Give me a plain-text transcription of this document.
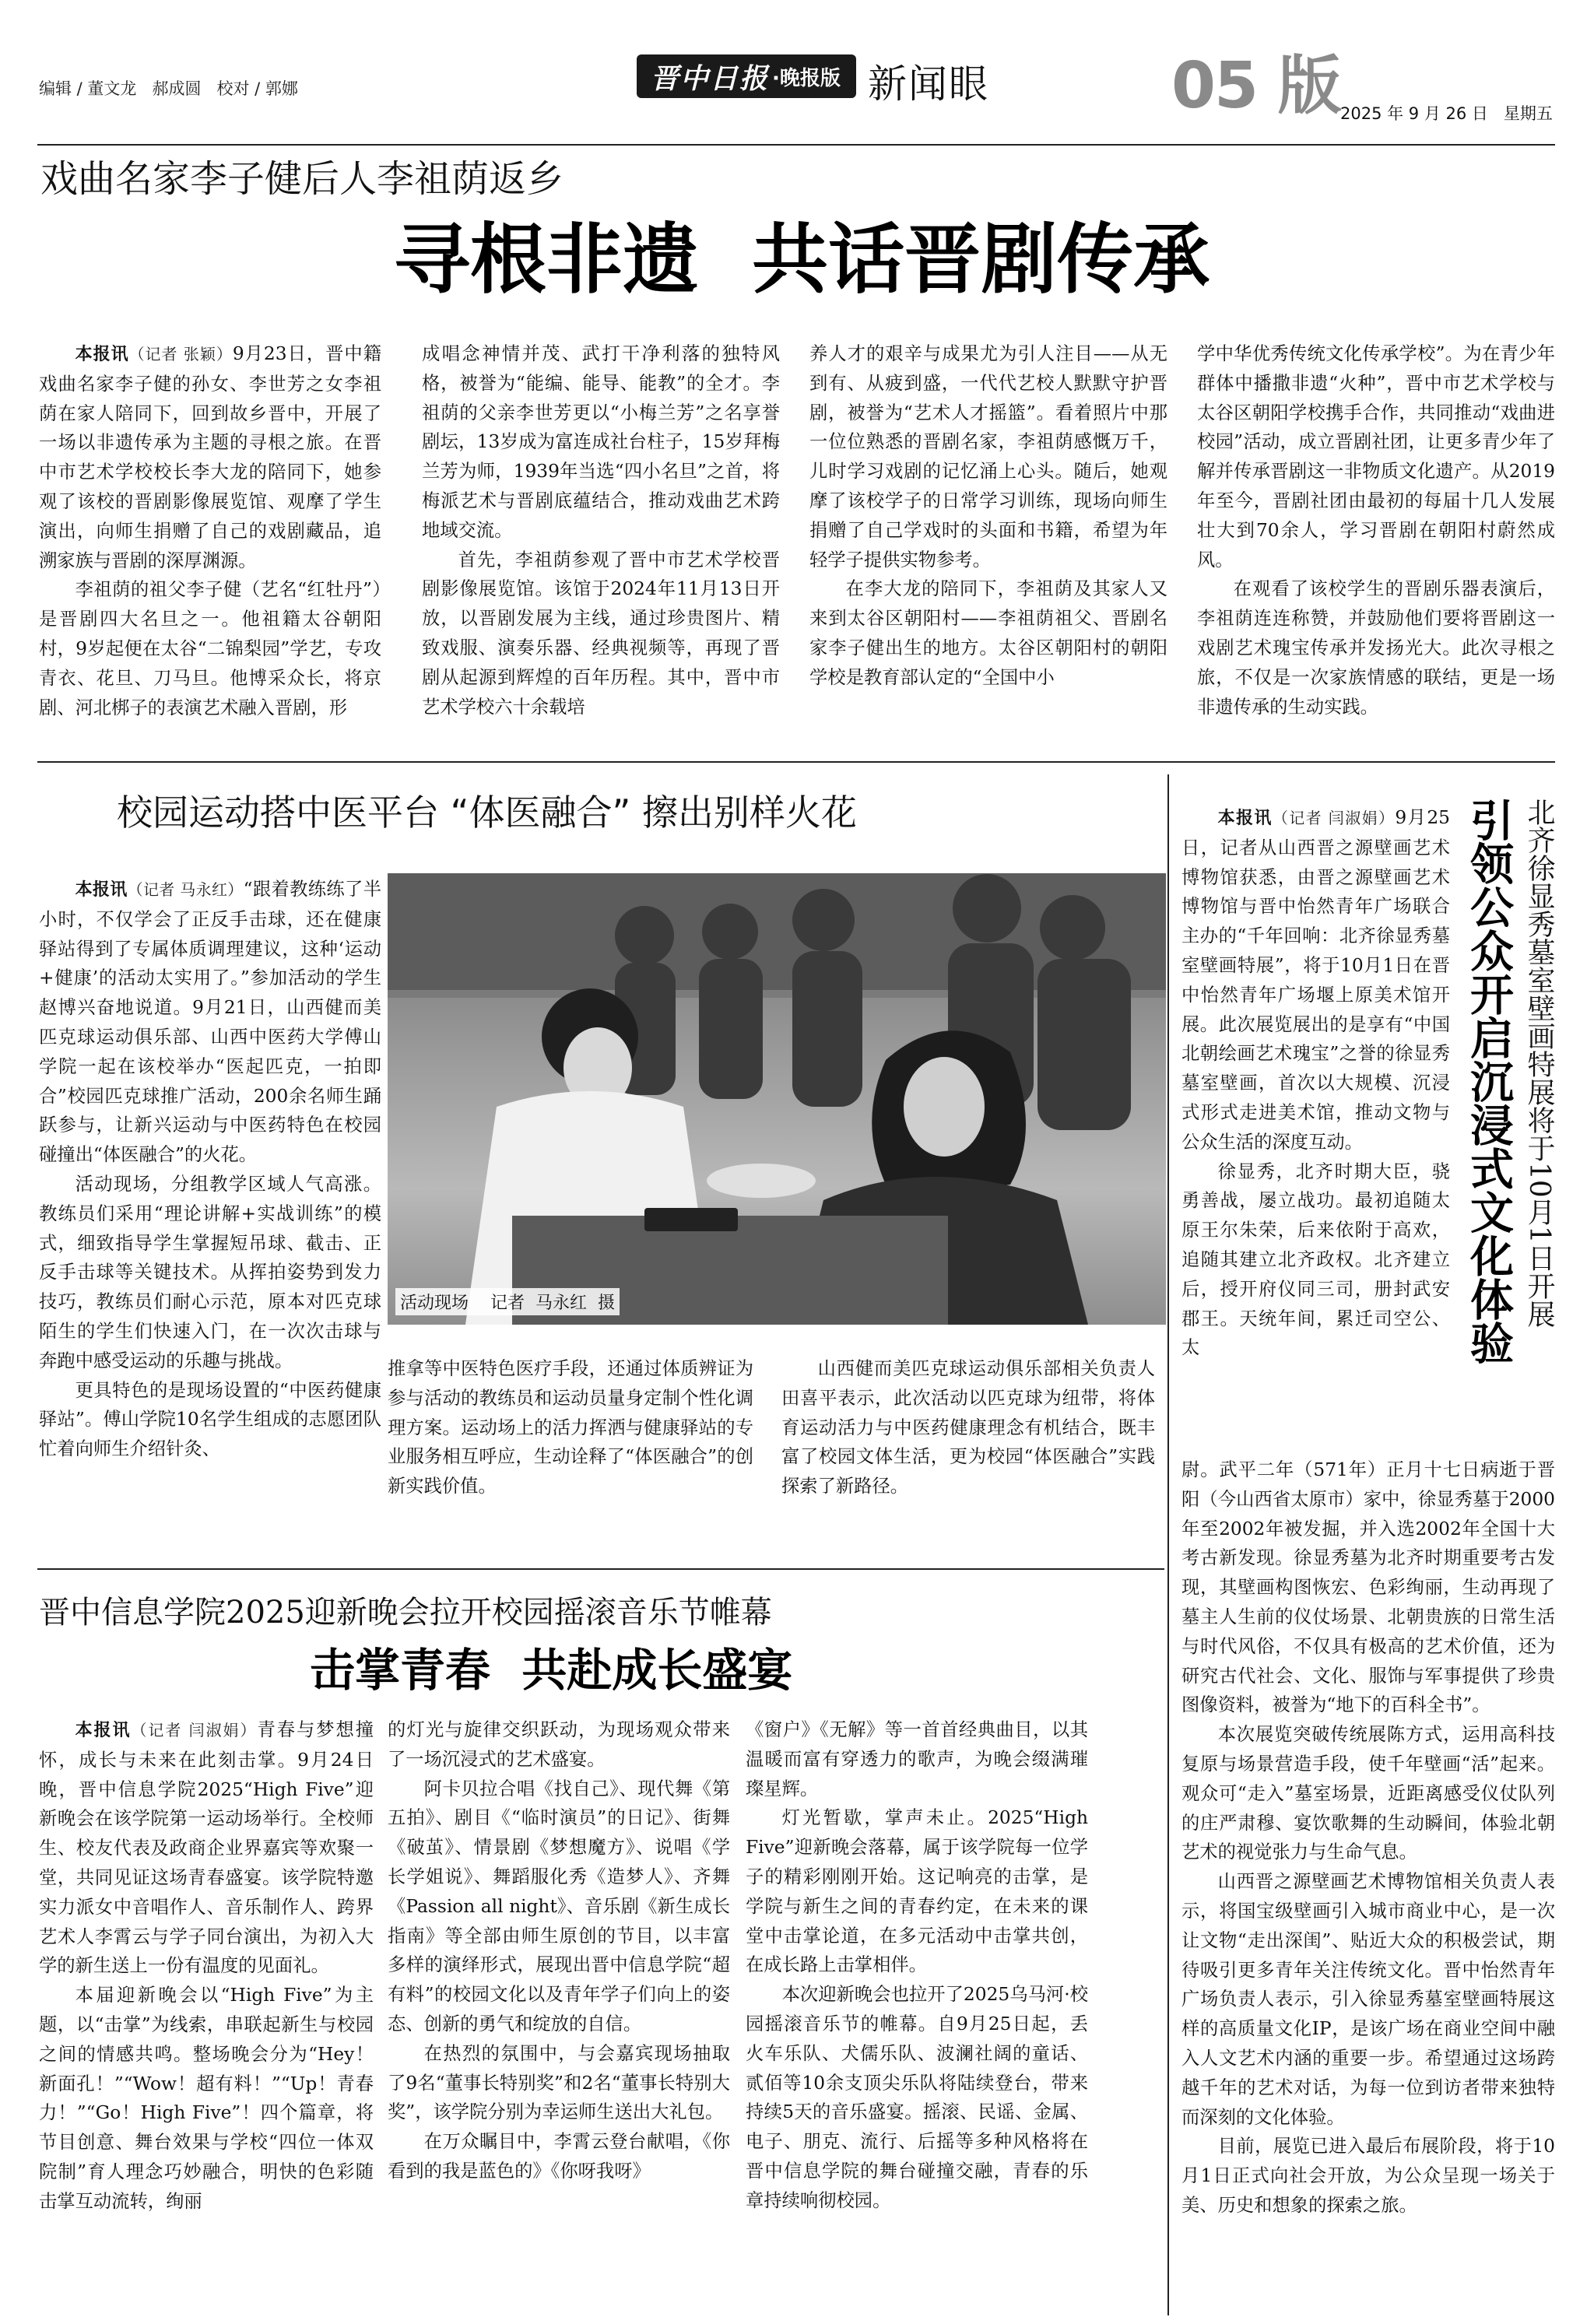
编辑 / 董文龙   郝成圆   校对 / 郭娜	晋中日报 ·晚报版 新闻眼	05 版 2025 年 9 月 26 日   星期五
戏曲名家李子健后人李祖荫返乡
寻根非遗  共话晋剧传承

本报讯（记者 张颖）9月23日，晋中籍戏曲名家李子健的孙女、李世芳之女李祖荫在家人陪同下，回到故乡晋中，开展了一场以非遗传承为主题的寻根之旅。在晋中市艺术学校校长李大龙的陪同下，她参观了该校的晋剧影像展览馆、观摩了学生演出，向师生捐赠了自己的戏剧藏品，追溯家族与晋剧的深厚渊源。

李祖荫的祖父李子健（艺名“红牡丹”）是晋剧四大名旦之一。他祖籍太谷朝阳村，9岁起便在太谷“二锦梨园”学艺，专攻青衣、花旦、刀马旦。他博采众长，将京剧、河北梆子的表演艺术融入晋剧，形

成唱念神情并茂、武打干净利落的独特风格，被誉为“能编、能导、能教”的全才。李祖荫的父亲李世芳更以“小梅兰芳”之名享誉剧坛，13岁成为富连成社台柱子，15岁拜梅兰芳为师，1939年当选“四小名旦”之首，将梅派艺术与晋剧底蕴结合，推动戏曲艺术跨地域交流。

首先，李祖荫参观了晋中市艺术学校晋剧影像展览馆。该馆于2024年11月13日开放，以晋剧发展为主线，通过珍贵图片、精致戏服、演奏乐器、经典视频等，再现了晋剧从起源到辉煌的百年历程。其中，晋中市艺术学校六十余载培

养人才的艰辛与成果尤为引人注目——从无到有、从疲到盛，一代代艺校人默默守护晋剧，被誉为“艺术人才摇篮”。看着照片中那一位位熟悉的晋剧名家，李祖荫感慨万千，儿时学习戏剧的记忆涌上心头。随后，她观摩了该校学子的日常学习训练，现场向师生捐赠了自己学戏时的头面和书籍，希望为年轻学子提供实物参考。

在李大龙的陪同下，李祖荫及其家人又来到太谷区朝阳村——李祖荫祖父、晋剧名家李子健出生的地方。太谷区朝阳村的朝阳学校是教育部认定的“全国中小

学中华优秀传统文化传承学校”。为在青少年群体中播撒非遗“火种”，晋中市艺术学校与太谷区朝阳学校携手合作，共同推动“戏曲进校园”活动，成立晋剧社团，让更多青少年了解并传承晋剧这一非物质文化遗产。从2019年至今，晋剧社团由最初的每届十几人发展壮大到70余人，学习晋剧在朝阳村蔚然成风。

在观看了该校学生的晋剧乐器表演后，李祖荫连连称赞，并鼓励他们要将晋剧这一戏剧艺术瑰宝传承并发扬光大。此次寻根之旅，不仅是一次家族情感的联结，更是一场非遗传承的生动实践。

校园运动搭中医平台 “体医融合” 擦出别样火花

本报讯（记者 马永红）“跟着教练练了半小时，不仅学会了正反手击球，还在健康驿站得到了专属体质调理建议，这种‘运动+健康’的活动太实用了。”参加活动的学生赵博兴奋地说道。9月21日，山西健而美匹克球运动俱乐部、山西中医药大学傅山学院一起在该校举办“医起匹克，一拍即合”校园匹克球推广活动，200余名师生踊跃参与，让新兴运动与中医药特色在校园碰撞出“体医融合”的火花。

活动现场，分组教学区域人气高涨。教练员们采用“理论讲解+实战训练”的模式，细致指导学生掌握短吊球、截击、正反手击球等关键技术。从挥拍姿势到发力技巧，教练员们耐心示范，原本对匹克球陌生的学生们快速入门，在一次次击球与奔跑中感受运动的乐趣与挑战。

更具特色的是现场设置的“中医药健康驿站”。傅山学院10名学生组成的志愿团队忙着向师生介绍针灸、

活动现场    记者  马永红  摄

推拿等中医特色医疗手段，还通过体质辨证为参与活动的教练员和运动员量身定制个性化调理方案。运动场上的活力挥洒与健康驿站的专业服务相互呼应，生动诠释了“体医融合”的创新实践价值。

山西健而美匹克球运动俱乐部相关负责人田喜平表示，此次活动以匹克球为纽带，将体育运动活力与中医药健康理念有机结合，既丰富了校园文体生活，更为校园“体医融合”实践探索了新路径。

晋中信息学院2025迎新晚会拉开校园摇滚音乐节帷幕
击掌青春  共赴成长盛宴

本报讯（记者 闫淑娟）青春与梦想撞怀，成长与未来在此刻击掌。9月24日晚，晋中信息学院2025“High Five”迎新晚会在该学院第一运动场举行。全校师生、校友代表及政商企业界嘉宾等欢聚一堂，共同见证这场青春盛宴。该学院特邀实力派女中音唱作人、音乐制作人、跨界艺术人李霄云与学子同台演出，为初入大学的新生送上一份有温度的见面礼。

本届迎新晚会以“High Five”为主题，以“击掌”为线索，串联起新生与校园之间的情感共鸣。整场晚会分为“Hey！新面孔！”“Wow！超有料！”“Up！青春力！”“Go！High Five”！四个篇章，将节目创意、舞台效果与学校“四位一体双院制”育人理念巧妙融合，明快的色彩随击掌互动流转，绚丽

的灯光与旋律交织跃动，为现场观众带来了一场沉浸式的艺术盛宴。

阿卡贝拉合唱《找自己》、现代舞《第五拍》、剧目《“临时演员”的日记》、街舞《破茧》、情景剧《梦想魔方》、说唱《学长学姐说》、舞蹈服化秀《造梦人》、齐舞《Passion all night》、音乐剧《新生成长指南》等全部由师生原创的节目，以丰富多样的演绎形式，展现出晋中信息学院“超有料”的校园文化以及青年学子们向上的姿态、创新的勇气和绽放的自信。

在热烈的氛围中，与会嘉宾现场抽取了9名“董事长特别奖”和2名“董事长特别大奖”，该学院分别为幸运师生送出大礼包。

在万众瞩目中，李霄云登台献唱，《你看到的我是蓝色的》《你呀我呀》

《窗户》《无解》等一首首经典曲目，以其温暖而富有穿透力的歌声，为晚会缀满璀璨星辉。

灯光暂歇，掌声未止。2025“High Five”迎新晚会落幕，属于该学院每一位学子的精彩刚刚开始。这记响亮的击掌，是学院与新生之间的青春约定，在未来的课堂中击掌论道，在多元活动中击掌共创，在成长路上击掌相伴。

本次迎新晚会也拉开了2025乌马河·校园摇滚音乐节的帷幕。自9月25日起，丢火车乐队、犬儒乐队、波澜社阔的童话、贰佰等10余支顶尖乐队将陆续登台，带来持续5天的音乐盛宴。摇滚、民谣、金属、电子、朋克、流行、后摇等多种风格将在晋中信息学院的舞台碰撞交融，青春的乐章持续响彻校园。

引领公众开启沉浸式文化体验 北齐徐显秀墓室壁画特展将于10月1日开展

本报讯（记者 闫淑娟）9月25日，记者从山西晋之源壁画艺术博物馆获悉，由晋之源壁画艺术博物馆与晋中怡然青年广场联合主办的“千年回响：北齐徐显秀墓室壁画特展”，将于10月1日在晋中怡然青年广场堰上原美术馆开展。此次展览展出的是享有“中国北朝绘画艺术瑰宝”之誉的徐显秀墓室壁画，首次以大规模、沉浸式形式走进美术馆，推动文物与公众生活的深度互动。

徐显秀，北齐时期大臣，骁勇善战，屡立战功。最初追随太原王尔朱荣，后来依附于高欢，追随其建立北齐政权。北齐建立后，授开府仪同三司，册封武安郡王。天统年间，累迁司空公、太

尉。武平二年（571年）正月十七日病逝于晋阳（今山西省太原市）家中，徐显秀墓于2000年至2002年被发掘，并入选2002年全国十大考古新发现。徐显秀墓为北齐时期重要考古发现，其壁画构图恢宏、色彩绚丽，生动再现了墓主人生前的仪仗场景、北朝贵族的日常生活与时代风俗，不仅具有极高的艺术价值，还为研究古代社会、文化、服饰与军事提供了珍贵图像资料，被誉为“地下的百科全书”。

本次展览突破传统展陈方式，运用高科技复原与场景营造手段，使千年壁画“活”起来。观众可“走入”墓室场景，近距离感受仪仗队列的庄严肃穆、宴饮歌舞的生动瞬间，体验北朝艺术的视觉张力与生命气息。

山西晋之源壁画艺术博物馆相关负责人表示，将国宝级壁画引入城市商业中心，是一次让文物“走出深闺”、贴近大众的积极尝试，期待吸引更多青年关注传统文化。晋中怡然青年广场负责人表示，引入徐显秀墓室壁画特展这样的高质量文化IP，是该广场在商业空间中融入人文艺术内涵的重要一步。希望通过这场跨越千年的艺术对话，为每一位到访者带来独特而深刻的文化体验。

目前，展览已进入最后布展阶段，将于10月1日正式向社会开放，为公众呈现一场关于美、历史和想象的探索之旅。
